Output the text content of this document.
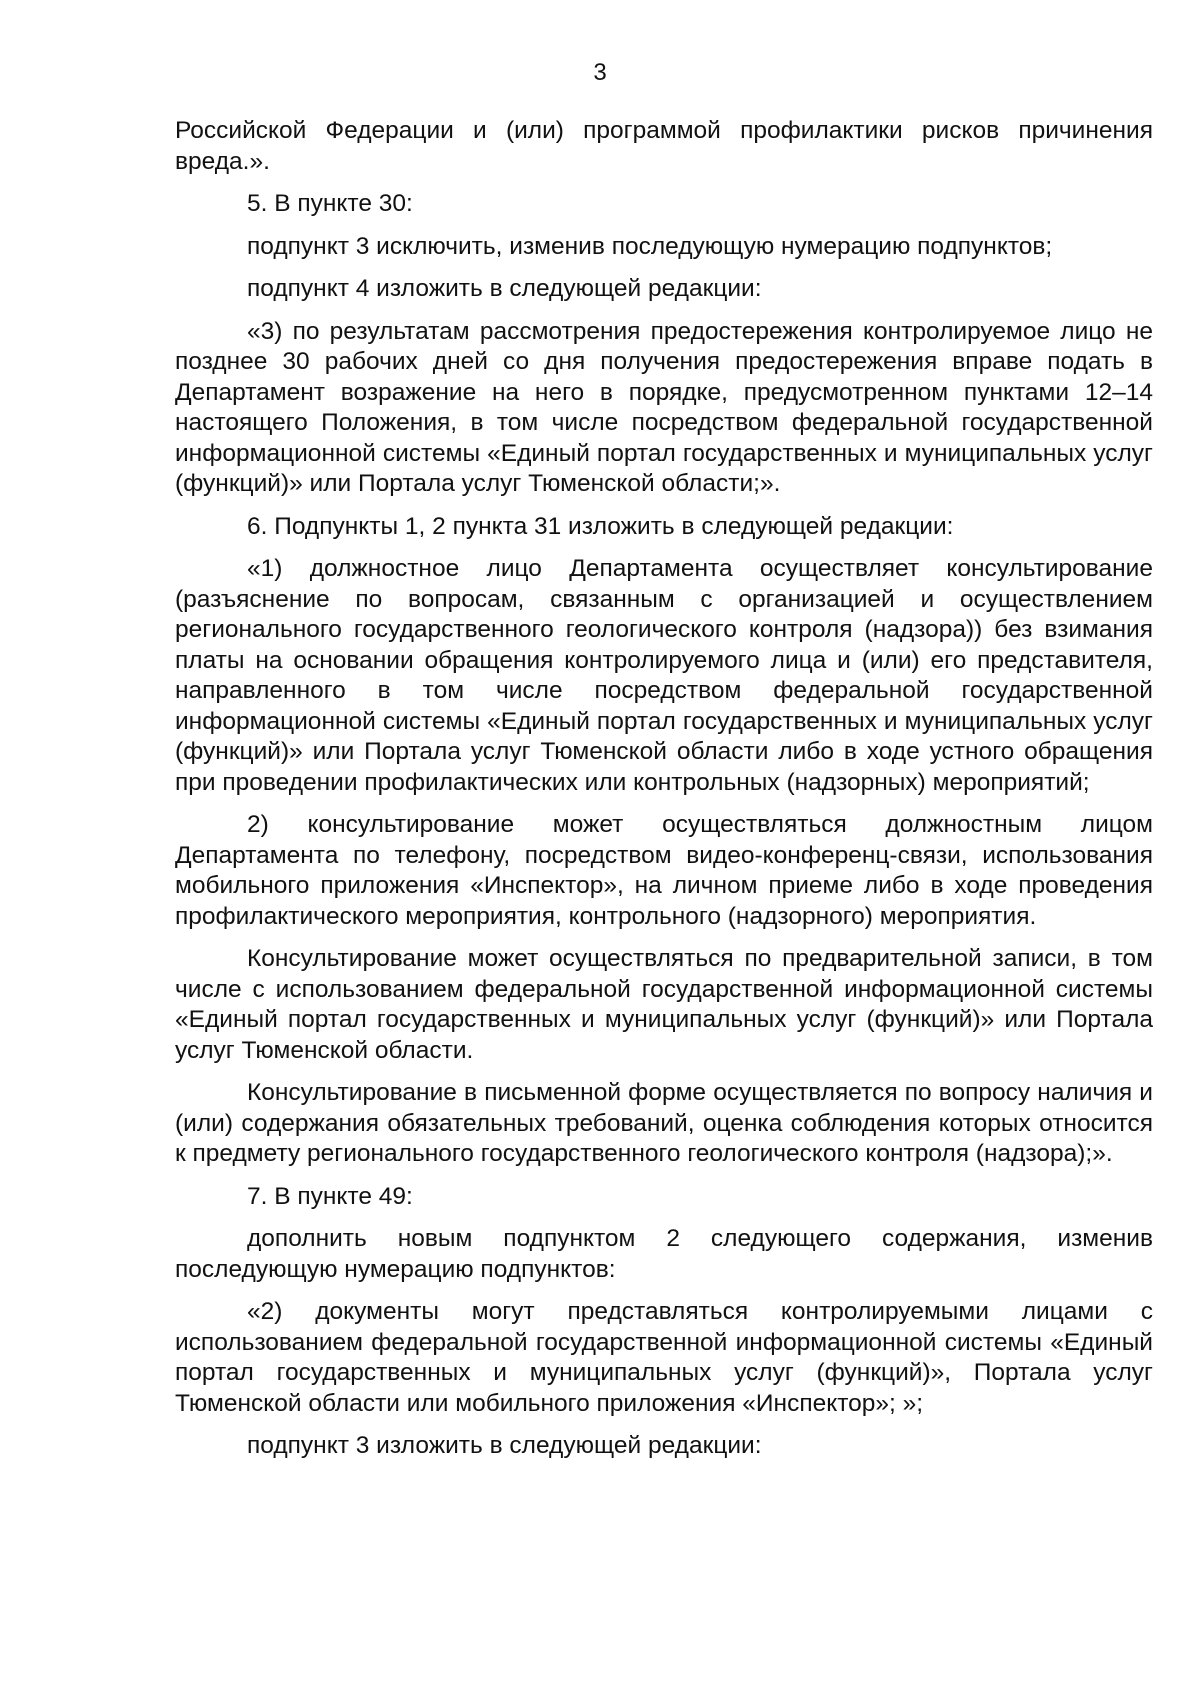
3

Российской Федерации и (или) программой профилактики рисков причинения вреда.».

5. В пункте 30:

подпункт 3 исключить, изменив последующую нумерацию подпунктов;

подпункт 4 изложить в следующей редакции:

«3) по результатам рассмотрения предостережения контролируемое лицо не позднее 30 рабочих дней со дня получения предостережения вправе подать в Департамент возражение на него в порядке, предусмотренном пунктами 12–14 настоящего Положения, в том числе посредством федеральной государственной информационной системы «Единый портал государственных и муниципальных услуг (функций)» или Портала услуг Тюменской области;».

6. Подпункты 1, 2 пункта 31 изложить в следующей редакции:

«1) должностное лицо Департамента осуществляет консультирование (разъяснение по вопросам, связанным с организацией и осуществлением регионального государственного геологического контроля (надзора)) без взимания платы на основании обращения контролируемого лица и (или) его представителя, направленного в том числе посредством федеральной государственной информационной системы «Единый портал государственных и муниципальных услуг (функций)» или Портала услуг Тюменской области либо в ходе устного обращения при проведении профилактических или контрольных (надзорных) мероприятий;

2) консультирование может осуществляться должностным лицом Департамента по телефону, посредством видео-конференц-связи, использования мобильного приложения «Инспектор», на личном приеме либо в ходе проведения профилактического мероприятия, контрольного (надзорного) мероприятия.

Консультирование может осуществляться по предварительной записи, в том числе с использованием федеральной государственной информационной системы «Единый портал государственных и муниципальных услуг (функций)» или Портала услуг Тюменской области.

Консультирование в письменной форме осуществляется по вопросу наличия и (или) содержания обязательных требований, оценка соблюдения которых относится к предмету регионального государственного геологического контроля (надзора);».

7. В пункте 49:

дополнить новым подпунктом 2 следующего содержания, изменив последующую нумерацию подпунктов:

«2) документы могут представляться контролируемыми лицами с использованием федеральной государственной информационной системы «Единый портал государственных и муниципальных услуг (функций)», Портала услуг Тюменской области или мобильного приложения «Инспектор»; »;

подпункт 3 изложить в следующей редакции:
